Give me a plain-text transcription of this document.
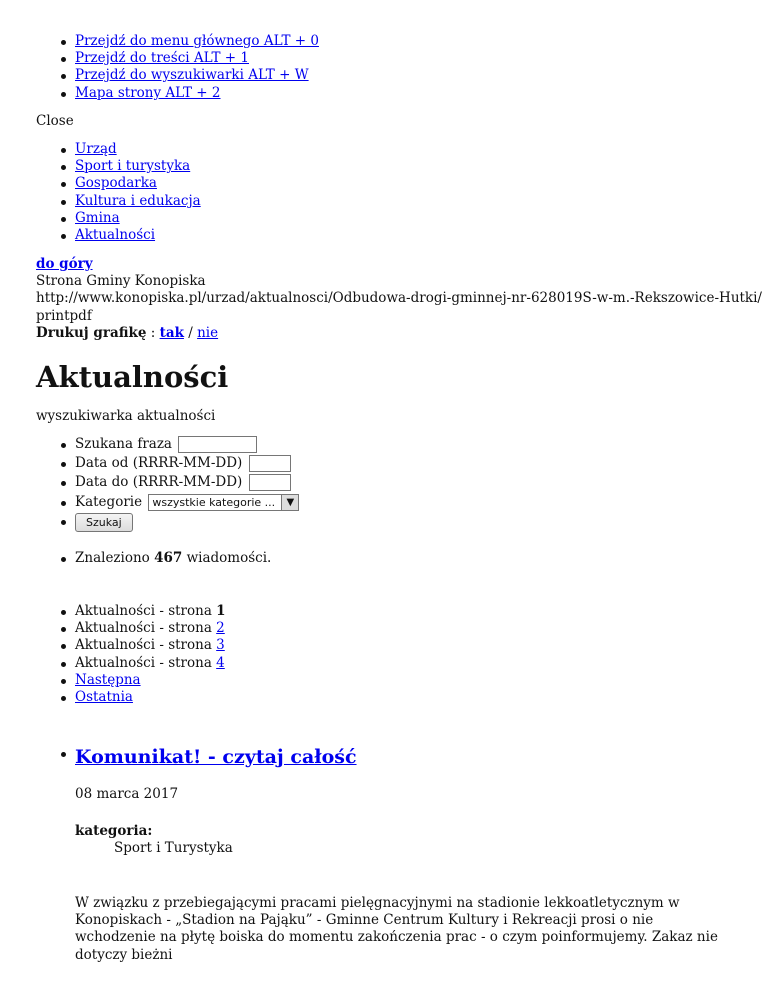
Przejdź do menu głównego ALT + 0
Przejdź do treści ALT + 1
Przejdź do wyszukiwarki ALT + W
Mapa strony ALT + 2
Close
Urząd
Sport i turystyka
Gospodarka
Kultura i edukacja
Gmina
Aktualności
do góry
Strona Gminy Konopiska
http://www.konopiska.pl/urzad/aktualnosci/Odbudowa-drogi-gminnej-nr-628019S-w-m.-Rekszowice-Hutki/
printpdf
Drukuj grafikę : tak / nie
Aktualności
wyszukiwarka aktualności
Szukana fraza
Data od (RRRR-MM-DD)
Data do (RRRR-MM-DD)
Kategorie wszystkie kategorie ...	▼
Szukaj
Znaleziono 467 wiadomości.
Aktualności - strona 1
Aktualności - strona 2
Aktualności - strona 3
Aktualności - strona 4
Następna
Ostatnia
Komunikat! - czytaj całość
08 marca 2017
kategoria:
Sport i Turystyka
W związku z przebiegającymi pracami pielęgnacyjnymi na stadionie lekkoatletycznym w Konopiskach - „Stadion na Pająku” - Gminne Centrum Kultury i Rekreacji prosi o nie wchodzenie na płytę boiska do momentu zakończenia prac - o czym poinformujemy. Zakaz nie dotyczy bieżni
